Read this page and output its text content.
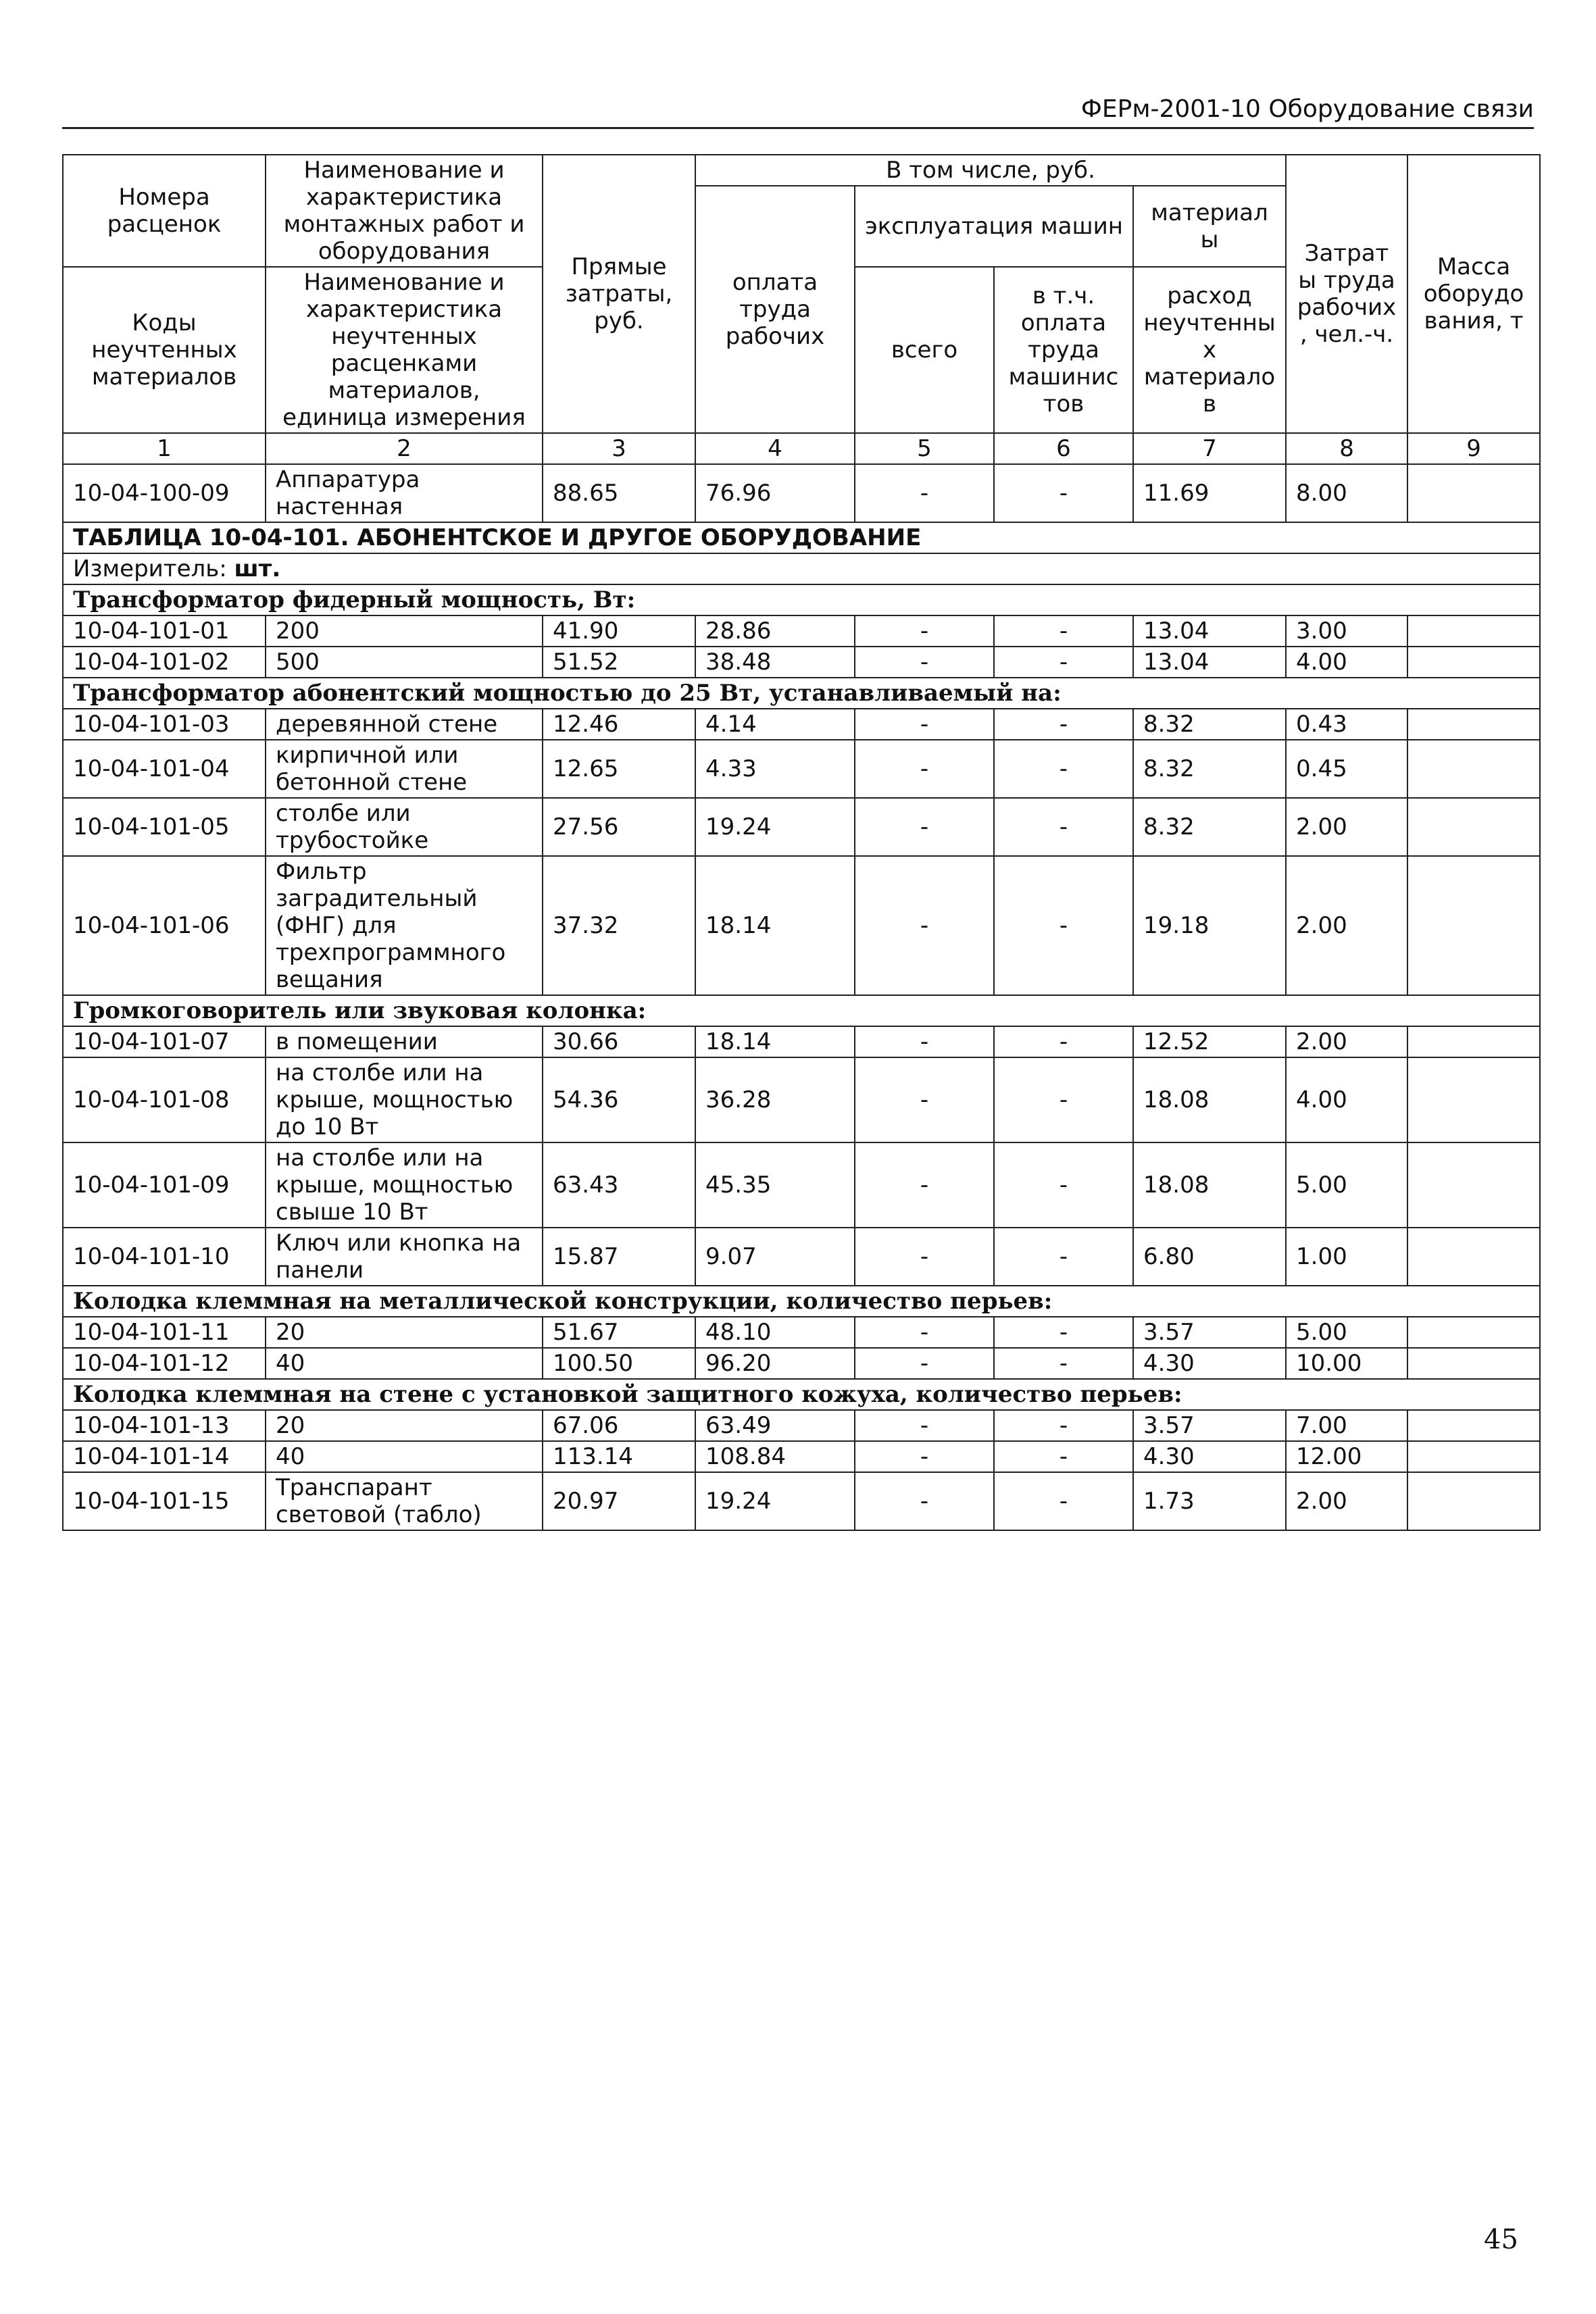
ФЕРм-2001-10 Оборудование связи
Номера расценок	Наименование и характеристика монтажных работ и оборудования	Прямые затраты, руб.	В том числе, руб.				Затраты труда рабочих, чел.-ч.	Масса оборудования, т
			оплата труда рабочих	эксплуатация машин		материалы		

Коды неучтенных материалов	Наименование и характеристика неучтенных расценками материалов, единица измерения			всего	в т.ч. оплата труда машинистов	расход неучтенных материалов		

1	2	3	4	5	6	7	8	9
10-04-100-09	Аппаратура настенная	88.65	76.96	-	-	11.69	8.00	
ТАБЛИЦА 10-04-101. АБОНЕНТСКОЕ И ДРУГОЕ ОБОРУДОВАНИЕ								
Измеритель: шт.								
Трансформатор фидерный мощность, Вт:								
10-04-101-01	200	41.90	28.86	-	-	13.04	3.00	
10-04-101-02	500	51.52	38.48	-	-	13.04	4.00	
Трансформатор абонентский мощностью до 25 Вт, устанавливаемый на:								
10-04-101-03	деревянной стене	12.46	4.14	-	-	8.32	0.43	
10-04-101-04	кирпичной или бетонной стене	12.65	4.33	-	-	8.32	0.45	
10-04-101-05	столбе или трубостойке	27.56	19.24	-	-	8.32	2.00	
10-04-101-06	Фильтр заградительный (ФНГ) для трехпрограммного вещания	37.32	18.14	-	-	19.18	2.00	
Громкоговоритель или звуковая колонка:								
10-04-101-07	в помещении	30.66	18.14	-	-	12.52	2.00	
10-04-101-08	на столбе или на крыше, мощностью до 10 Вт	54.36	36.28	-	-	18.08	4.00	
10-04-101-09	на столбе или на крыше, мощностью свыше 10 Вт	63.43	45.35	-	-	18.08	5.00	
10-04-101-10	Ключ или кнопка на панели	15.87	9.07	-	-	6.80	1.00	
Колодка клеммная на металлической конструкции, количество перьев:								
10-04-101-11	20	51.67	48.10	-	-	3.57	5.00	
10-04-101-12	40	100.50	96.20	-	-	4.30	10.00	
Колодка клеммная на стене с установкой защитного кожуха, количество перьев:								
10-04-101-13	20	67.06	63.49	-	-	3.57	7.00	
10-04-101-14	40	113.14	108.84	-	-	4.30	12.00	
10-04-101-15	Транспарант световой (табло)	20.97	19.24	-	-	1.73	2.00	
45
